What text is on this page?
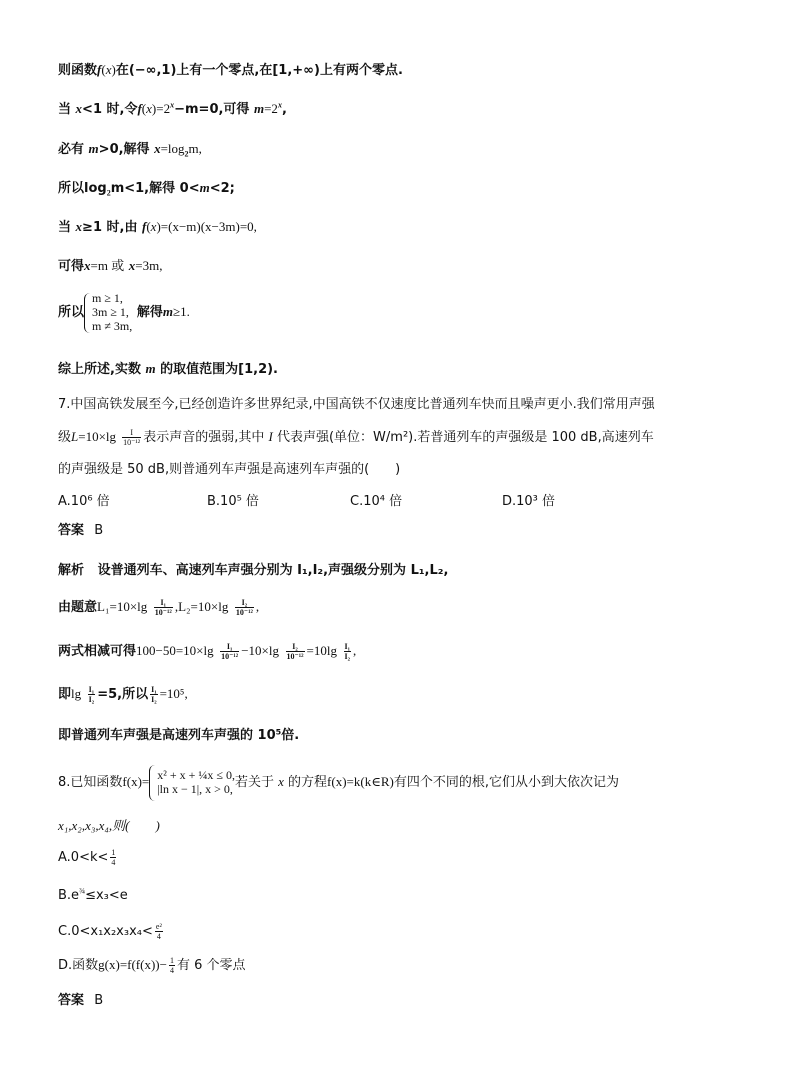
则函数f(x)在(−∞,1)上有一个零点,在[1,+∞)上有两个零点.
当 x<1 时,令$f(x)=2^x-m=0$,可得 $m=2^x$,
必有 m>0,解得 $x=\log_2m$,
所以$\log_2m<1$,解得 0<m<2;
当 x≥1 时,由 f(x)=(x−m)(x−3m)=0,
可得x=m 或 x=3m,
所以
m ≥ 1,
3m ≥ 1,
m ≠ 3m,
解得m≥1.
综上所述,实数 m 的取值范围为[1,2).
7.中国高铁发展至今,已经创造许多世界纪录,中国高铁不仅速度比普通列车快而且噪声更小.我们常用声强
级$L=10\times\lg \frac{I}{\text{10⁻¹²}}$ 表示声音的强弱,其中 I 代表声强(单位：W/m²).若普通列车的声强级是 100 dB,高速列车
的声强级是 50 dB,则普通列车声强是高速列车声强的(　　)
A.10⁶ 倍	B.10⁵ 倍	C.10⁴ 倍	D.10³ 倍
答案 B
解析 设普通列车、高速列车声强分别为 I₁,I₂,声强级分别为 L₁,L₂,
由题意$L_1=10\times\lg \frac{\text{I₁}}{\text{10⁻¹²}} ,L_2=10\times\lg \frac{\text{I₂}}{\text{10⁻¹²}}$ ,
两式相减可得$100-50=10\times\lg \frac{\text{I₁}}{\text{10⁻¹²}} -10\times\lg \frac{\text{I₂}}{\text{10⁻¹²}} =10\lg \frac{\text{I₁}}{\text{I₂}}$ ,
即$\lg \frac{\text{I₁}}{\text{I₂}} =5$,所以 $\frac{\text{I₁}}{\text{I₂}} =10^5$,
即普通列车声强是高速列车声强的 10⁵倍.
8.已知函数f(x)= x² + x + ¼x ≤ 0,
|ln x − 1|, x > 0, 若关于 x 的方程f(x)=k(k∈R)有四个不同的根,它们从小到大依次记为
x₁,x₂,x₃,x₄,则(　　)
$A.0<k< \frac{1}{4}$
$B.e^{\frac{3}{4}}\le x_3<e$
$C.0<x_1x_2x_3x_4< \frac{\text{e²}}{4}$
D.函数$g(x)=f(f(x))- \frac{1}{4}$ 有 6 个零点
答案 B
